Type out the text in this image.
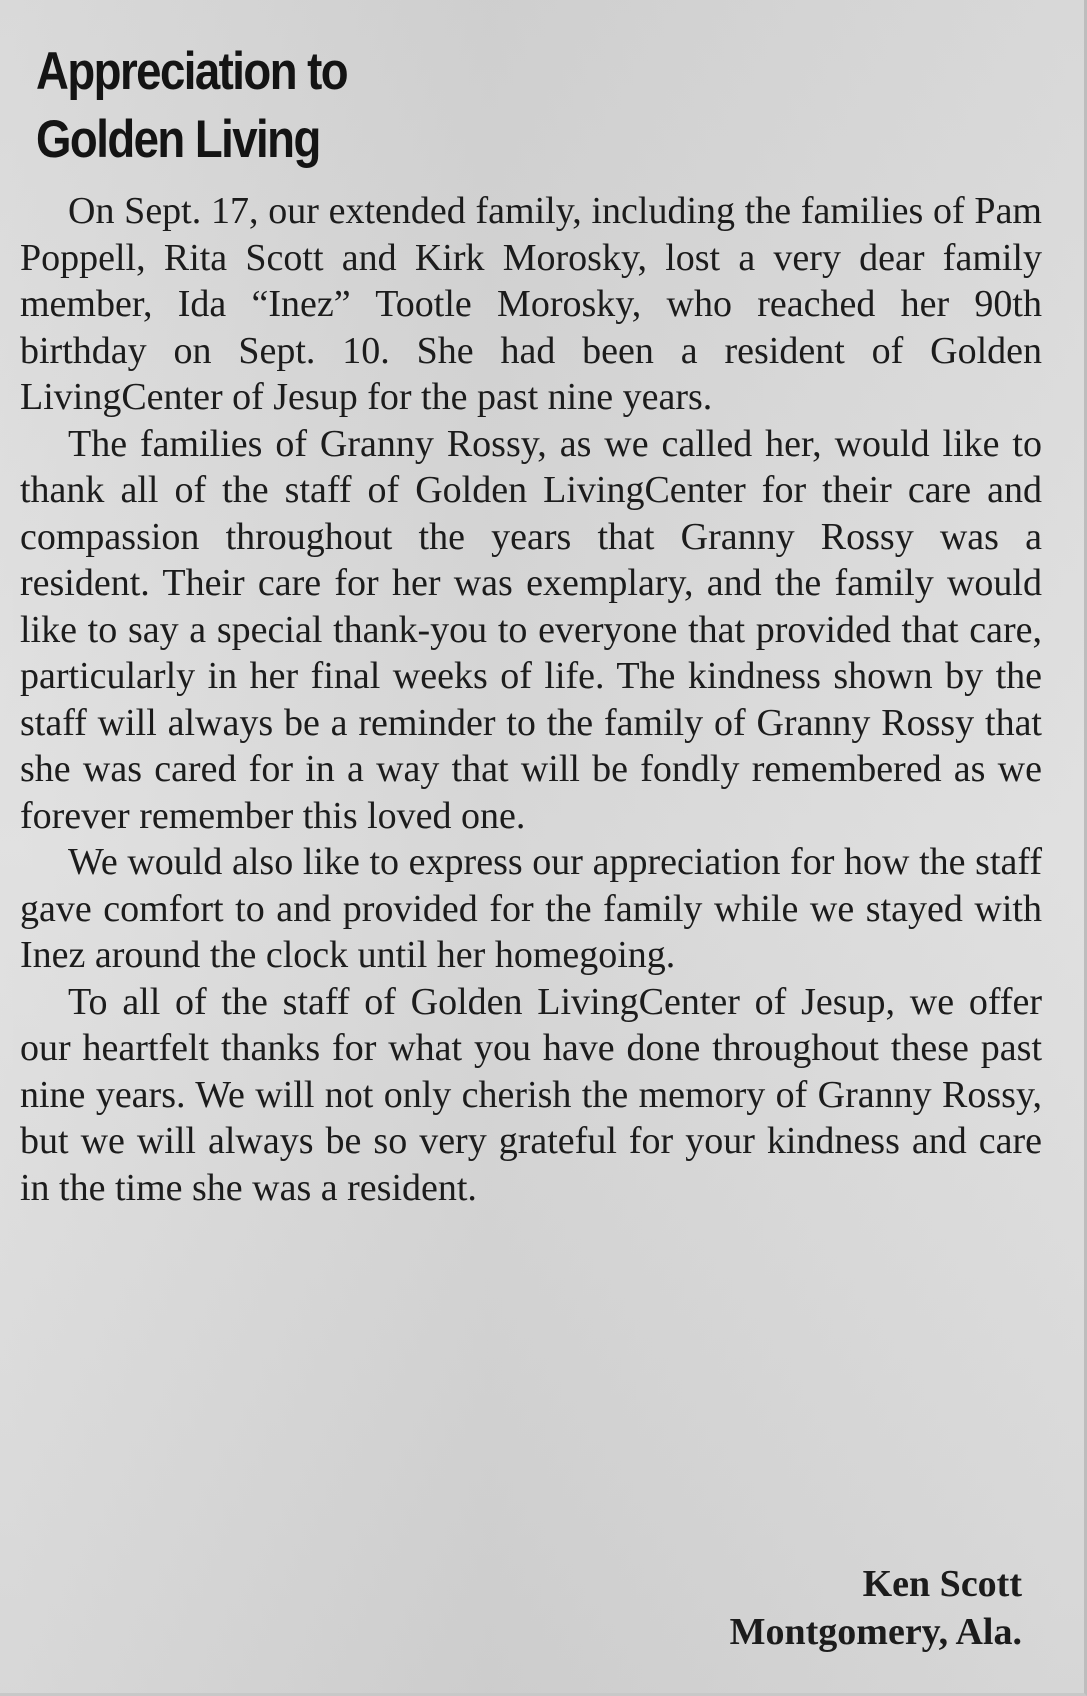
Appreciation to
Golden Living

On Sept. 17, our extended family, including the families of Pam Poppell, Rita Scott and Kirk Morosky, lost a very dear family member, Ida “Inez” Tootle Morosky, who reached her 90th birthday on Sept. 10. She had been a resident of Golden LivingCenter of Jesup for the past nine years.

The families of Granny Rossy, as we called her, would like to thank all of the staff of Golden LivingCenter for their care and compassion throughout the years that Granny Rossy was a resident. Their care for her was exemplary, and the family would like to say a special thank-you to everyone that provided that care, particularly in her final weeks of life. The kindness shown by the staff will always be a reminder to the family of Granny Rossy that she was cared for in a way that will be fondly remembered as we forever remember this loved one.

We would also like to express our appreciation for how the staff gave comfort to and provided for the family while we stayed with Inez around the clock until her homegoing.

To all of the staff of Golden LivingCenter of Jesup, we offer our heartfelt thanks for what you have done throughout these past nine years. We will not only cherish the memory of Granny Rossy, but we will always be so very grateful for your kindness and care in the time she was a resident.

Ken Scott
Montgomery, Ala.
